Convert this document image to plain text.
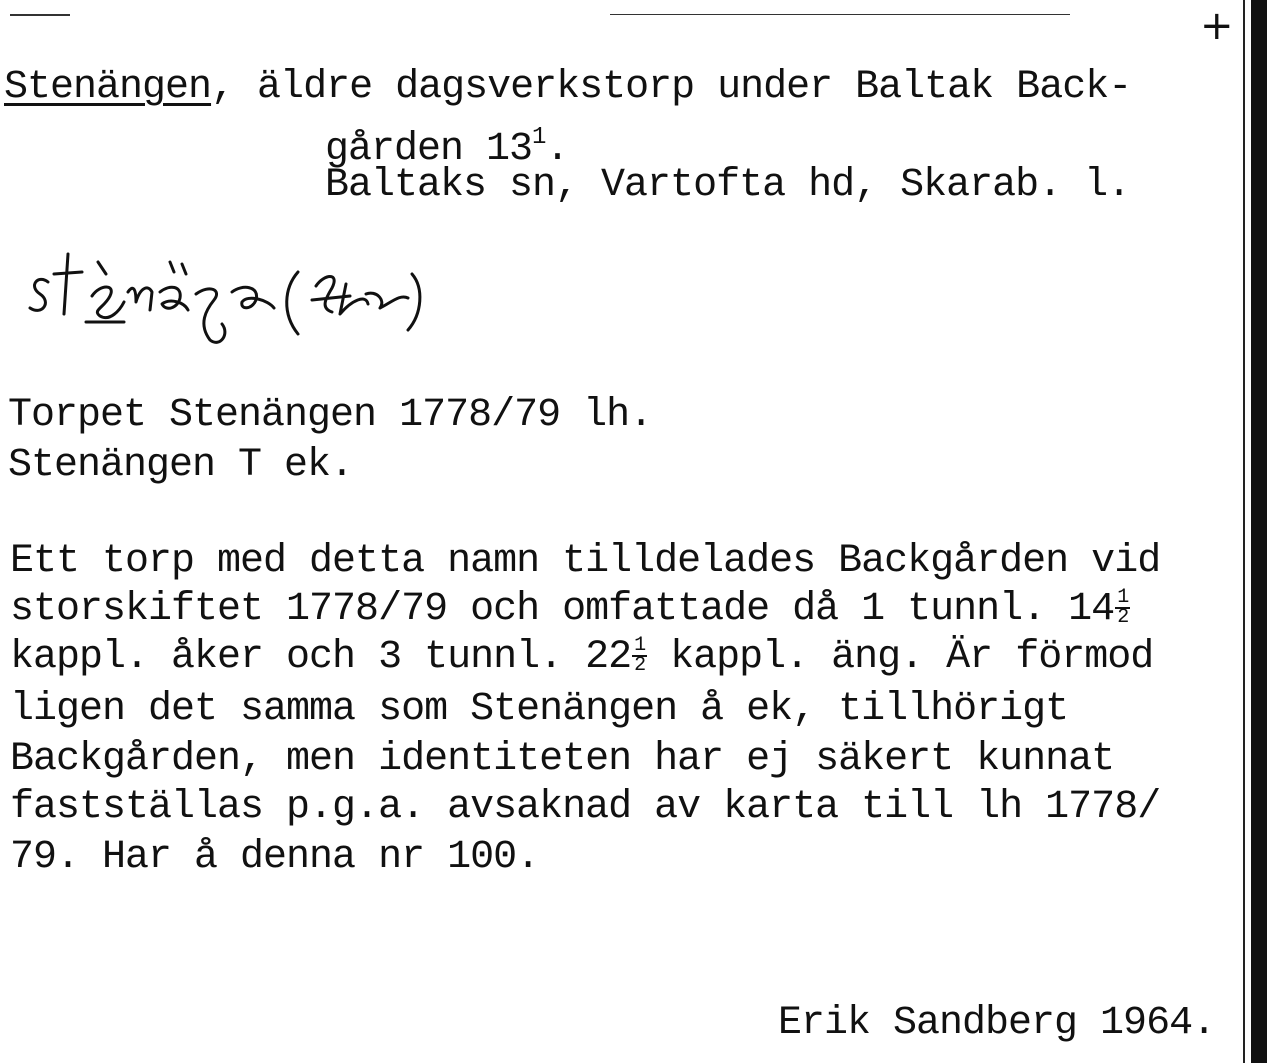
+
Stenängen, äldre dagsverkstorp under Baltak Back-
gården $13^1$.
Baltaks sn, Vartofta hd, Skarab. l.
Torpet Stenängen 1778/79 lh.
Stenängen T ek.
Ett torp med detta namn tilldelades Backgården vid
storskiftet 1778/79 och omfattade då 1 tunnl. $14 \frac{1}{2}$
kappl. åker och 3 tunnl. $22 \frac{1}{2}$ kappl. äng. Är förmod
ligen det samma som Stenängen å ek, tillhörigt
Backgården, men identiteten har ej säkert kunnat
fastställas p.g.a. avsaknad av karta till lh 1778/
79. Har å denna nr 100.
Erik Sandberg 1964.
